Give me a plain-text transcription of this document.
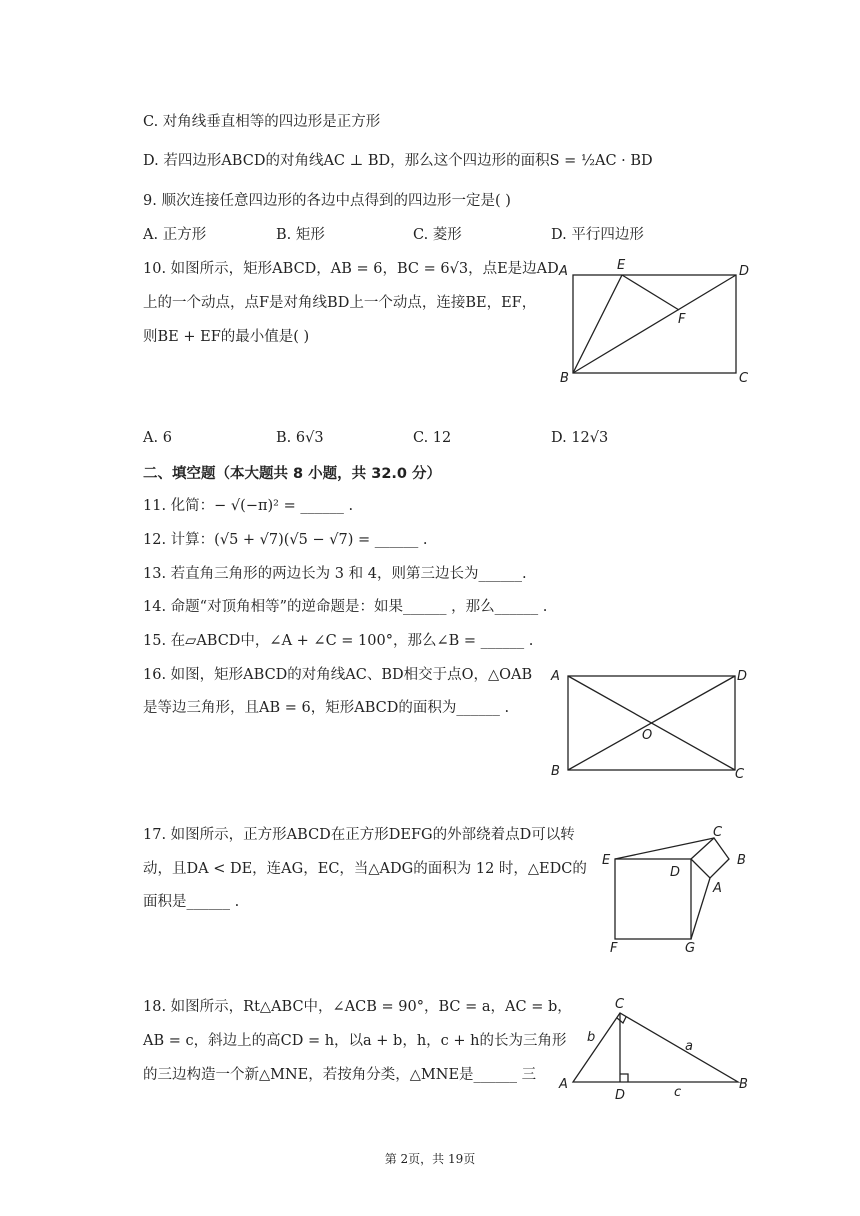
C. 对角线垂直相等的四边形是正方形
D. 若四边形ABCD的对角线AC ⊥ BD，那么这个四边形的面积S = ½AC · BD
9. 顺次连接任意四边形的各边中点得到的四边形一定是( )
A. 正方形	B. 矩形	C. 菱形	D. 平行四边形
10. 如图所示，矩形ABCD，AB = 6，BC = 6√3，点E是边AD
上的一个动点，点F是对角线BD上一个动点，连接BE，EF，
则BE + EF的最小值是( )
A	E	D
F
B	C
A. 6	B. 6√3	C. 12	D. 12√3
二、填空题（本大题共 8 小题，共 32.0 分）
11. 化简：− √(−π)² = ______ .
12. 计算：(√5 + √7)(√5 − √7) = ______ .
13. 若直角三角形的两边长为 3 和 4，则第三边长为______.
14. 命题“对顶角相等”的逆命题是：如果______ ，那么______ .
15. 在▱ABCD中，∠A + ∠C = 100°，那么∠B = ______ .
16. 如图，矩形ABCD的对角线AC、BD相交于点O，△OAB
是等边三角形，且AB = 6，矩形ABCD的面积为______ .
A	D
O
B	C
17. 如图所示，正方形ABCD在正方形DEFG的外部绕着点D可以转
动，且DA < DE，连AG，EC，当△ADG的面积为 12 时，△EDC的
面积是______ .
C
B
E
D
A
F	G
18. 如图所示，Rt△ABC中，∠ACB = 90°，BC = a，AC = b，
AB = c，斜边上的高CD = h，以a + b，h，c + h的长为三角形
的三边构造一个新△MNE，若按角分类，△MNE是______ 三
C
A
D
B
b
a
c
第 2页，共 19页
